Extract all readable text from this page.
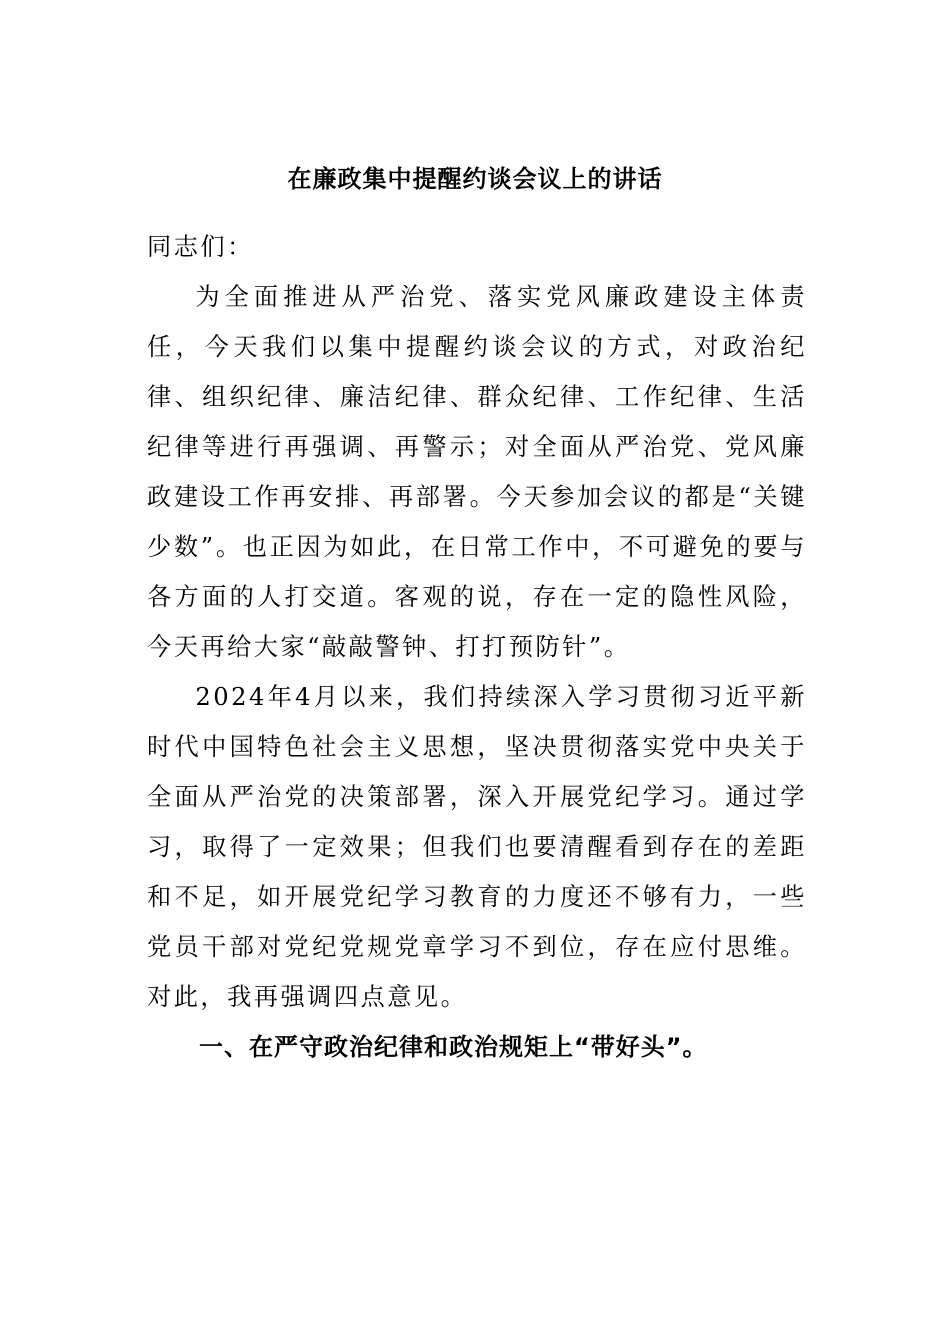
在廉政集中提醒约谈会议上的讲话

同志们：

为全面推进从严治党、落实党风廉政建设主体责任，今天我们以集中提醒约谈会议的方式，对政治纪律、组织纪律、廉洁纪律、群众纪律、工作纪律、生活纪律等进行再强调、再警示；对全面从严治党、党风廉政建设工作再安排、再部署。今天参加会议的都是“关键少数”。也正因为如此，在日常工作中，不可避免的要与各方面的人打交道。客观的说，存在一定的隐性风险，今天再给大家“敲敲警钟、打打预防针”。

2024年4月以来，我们持续深入学习贯彻习近平新时代中国特色社会主义思想，坚决贯彻落实党中央关于全面从严治党的决策部署，深入开展党纪学习。通过学习，取得了一定效果；但我们也要清醒看到存在的差距和不足，如开展党纪学习教育的力度还不够有力，一些党员干部对党纪党规党章学习不到位，存在应付思维。对此，我再强调四点意见。

一、在严守政治纪律和政治规矩上“带好头”。
